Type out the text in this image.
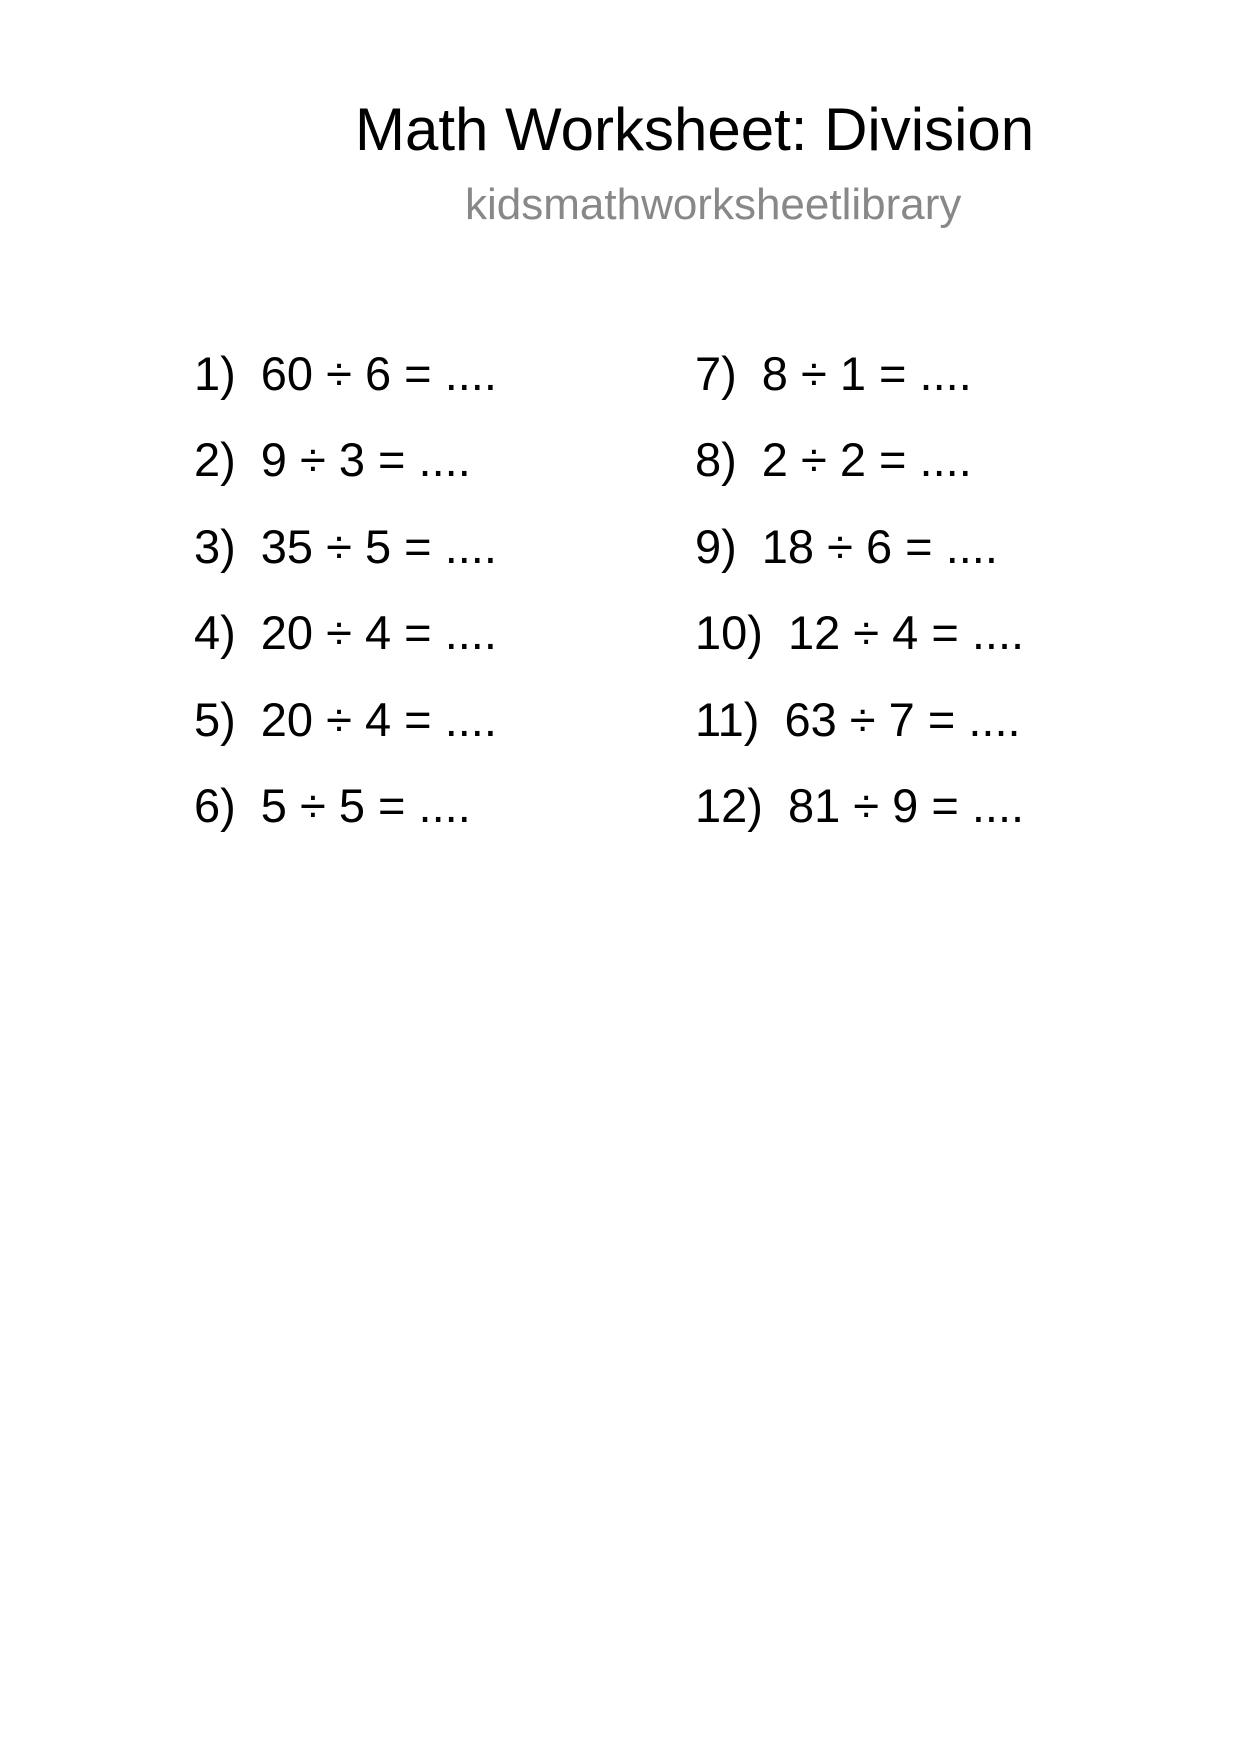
Math Worksheet: Division
kidsmathworksheetlibrary
1) 60 ÷ 6 = ....
2) 9 ÷ 3 = ....
3) 35 ÷ 5 = ....
4) 20 ÷ 4 = ....
5) 20 ÷ 4 = ....
6) 5 ÷ 5 = ....
7) 8 ÷ 1 = ....
8) 2 ÷ 2 = ....
9) 18 ÷ 6 = ....
10) 12 ÷ 4 = ....
11) 63 ÷ 7 = ....
12) 81 ÷ 9 = ....
